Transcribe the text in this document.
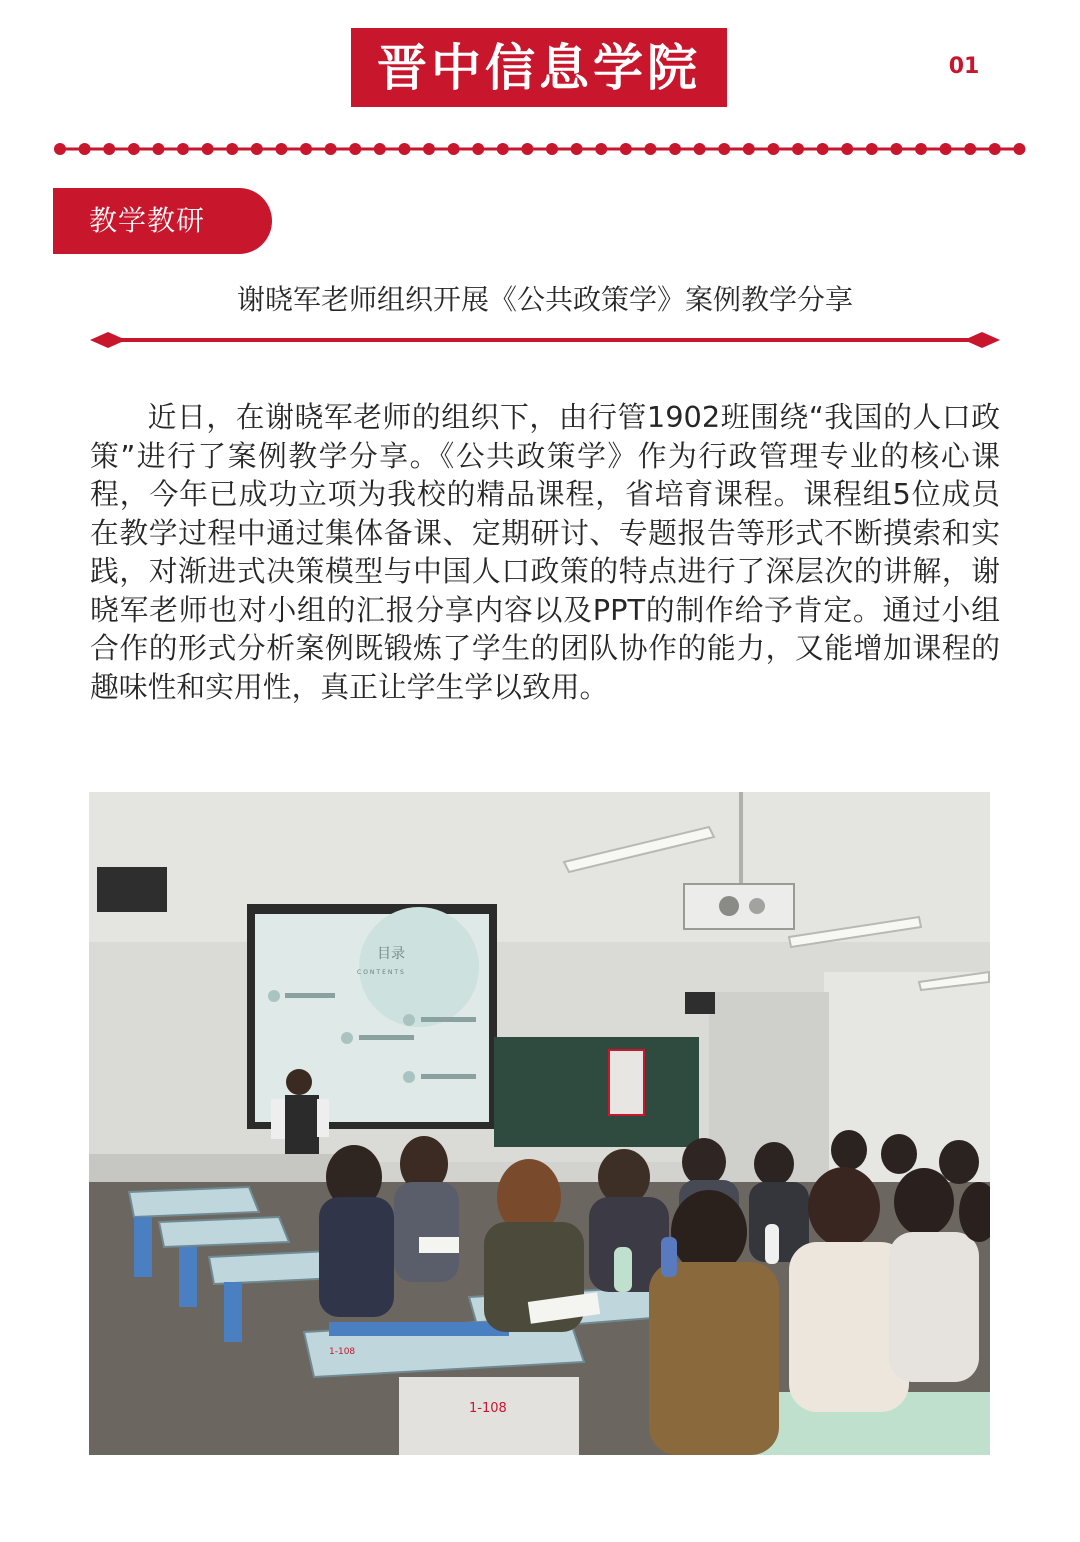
晋中信息学院	01
教学教研
谢晓军老师组织开展《公共政策学》案例教学分享

近日，在谢晓军老师的组织下，由行管1902班围绕“我国的人口政策”进行了案例教学分享。《公共政策学》作为行政管理专业的核心课程，今年已成功立项为我校的精品课程，省培育课程。课程组5位成员在教学过程中通过集体备课、定期研讨、专题报告等形式不断摸索和实践，对渐进式决策模型与中国人口政策的特点进行了深层次的讲解，谢晓军老师也对小组的汇报分享内容以及PPT的制作给予肯定。通过小组合作的形式分析案例既锻炼了学生的团队协作的能力，又能增加课程的趣味性和实用性，真正让学生学以致用。

目录
CONTENTS
1-108
1-108
